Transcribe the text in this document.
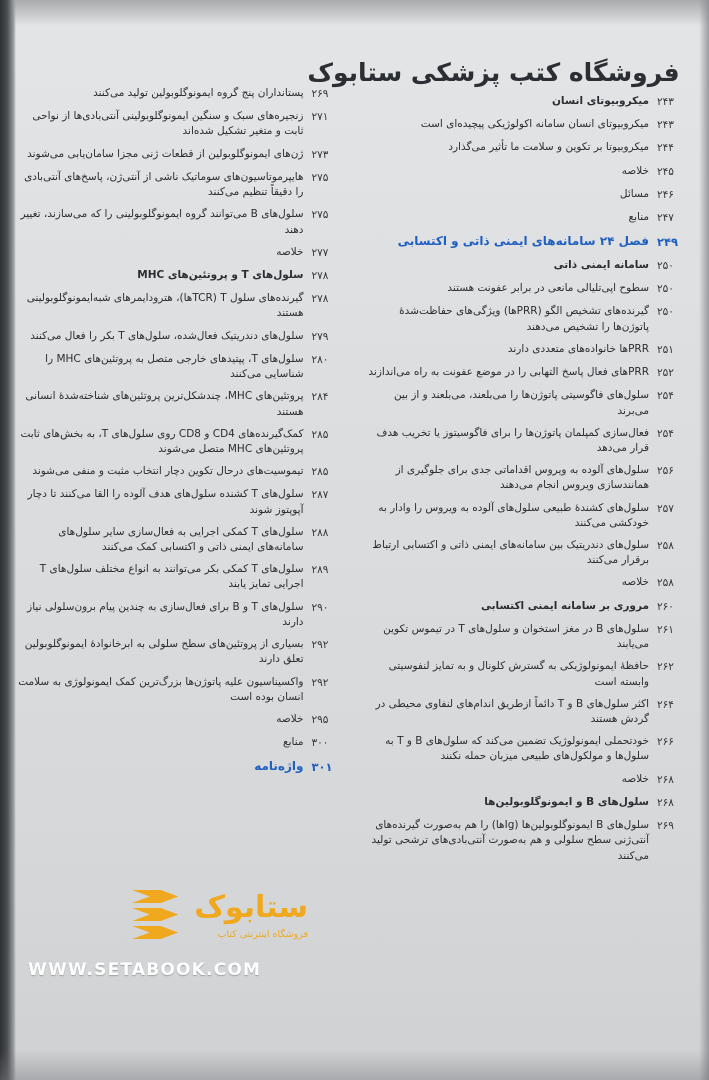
فروشگاه کتب پزشکی ستابوک
۲۴۳
میکروبیوتای انسان
۲۴۳
میکروبیوتای انسان سامانه اکولوژیکی پیچیده‌ای است
۲۴۴
میکروبیوتا بر تکوین و سلامت ما تأثیر می‌گذارد
۲۴۵
خلاصه
۲۴۶
مسائل
۲۴۷
منابع
۲۴۹
فصل ۲۴ سامانه‌های ایمنی ذاتی و اکتسابی
۲۵۰
سامانه ایمنی ذاتی
۲۵۰
سطوح اپی‌تلیالی مانعی در برابر عفونت هستند
۲۵۰
گیرنده‌های تشخیص الگو (PRRها) ویژگی‌های حفاظت‌شدهٔ پاتوژن‌ها را تشخیص می‌دهند
۲۵۱
PRRها خانواده‌های متعددی دارند
۲۵۲
PRRهای فعال پاسخ التهابی را در موضع عفونت به راه می‌اندازند
۲۵۴
سلول‌های فاگوسیتی پاتوژن‌ها را می‌بلعند، می‌بلعند و از بین می‌برند
۲۵۴
فعال‌سازی کمپلمان پاتوژن‌ها را برای فاگوسیتوز یا تخریب هدف قرار می‌دهد
۲۵۶
سلول‌های آلوده به ویروس اقداماتی جدی برای جلوگیری از همانندسازی ویروس انجام می‌دهند
۲۵۷
سلول‌های کشندهٔ طبیعی سلول‌های آلوده به ویروس را وادار به خودکشی می‌کنند
۲۵۸
سلول‌های دندریتیک بین سامانه‌های ایمنی ذاتی و اکتسابی ارتباط برقرار می‌کنند
۲۵۸
خلاصه
۲۶۰
مروری بر سامانه ایمنی اکتسابی
۲۶۱
سلول‌های B در مغز استخوان و سلول‌های T در تیموس تکوین می‌یابند
۲۶۲
حافظهٔ ایمونولوژیکی به گسترش کلونال و به تمایز لنفوسیتی وابسته است
۲۶۴
اکثر سلول‌های B و T دائماً از‌طریق اندام‌های لنفاوی محیطی در گردش هستند
۲۶۶
خودتحملی ایمونولوژیک تضمین می‌کند که سلول‌های B و T به سلول‌ها و مولکول‌های طبیعی میزبان حمله نکنند
۲۶۸
خلاصه
۲۶۸
سلول‌های B و ایمونوگلوبولین‌ها
۲۶۹
سلول‌های B ایمونوگلوبولین‌ها (Ig‌ها) را هم به‌صورت گیرنده‌های آنتی‌ژنی سطح سلولی و هم به‌صورت آنتی‌بادی‌های ترشحی تولید می‌کنند
۲۶۹
پستانداران پنج گروه ایمونوگلوبولین تولید می‌کنند
۲۷۱
زنجیره‌های سبک و سنگین ایمونوگلوبولینی آنتی‌بادی‌ها از نواحی ثابت و متغیر تشکیل شده‌اند
۲۷۳
ژن‌های ایمونوگلوبولین از قطعات ژنی مجزا سامان‌یابی می‌شوند
۲۷۵
هایپرموتاسیون‌های سوماتیک ناشی از آنتی‌ژن، پاسخ‌های آنتی‌بادی را دقیقاً تنظیم می‌کنند
۲۷۵
سلول‌های B می‌توانند گروه ایمونوگلوبولینی را که می‌سازند، تغییر دهند
۲۷۷
خلاصه
۲۷۸
سلول‌های T و پروتئین‌های MHC
۲۷۸
گیرنده‌های سلول T (TCRها)، هترودایمرهای شبه‌ایمونوگلوبولینی هستند
۲۷۹
سلول‌های دندریتیک فعال‌شده، سلول‌های T بکر را فعال می‌کنند
۲۸۰
سلول‌های T، پپتیدهای خارجی متصل به پروتئین‌های MHC را شناسایی می‌کنند
۲۸۴
پروتئین‌های MHC، چندشکل‌ترین پروتئین‌های شناخته‌شدهٔ انسانی هستند
۲۸۵
کمک‌گیرنده‌های CD4 و CD8 روی سلول‌های T، به بخش‌های ثابت پروتئین‌های MHC متصل می‌شوند
۲۸۵
تیموسیت‌های درحال تکوین دچار انتخاب مثبت و منفی می‌شوند
۲۸۷
سلول‌های T کشنده سلول‌های هدف آلوده را القا می‌کنند تا دچار آپوپتوز شوند
۲۸۸
سلول‌های T کمکی اجرایی به فعال‌سازی سایر سلول‌های سامانه‌های ایمنی ذاتی و اکتسابی کمک می‌کنند
۲۸۹
سلول‌های T کمکی بکر می‌توانند به انواع مختلف سلول‌های T اجرایی تمایز یابند
۲۹۰
سلول‌های T و B برای فعال‌سازی به چندین پیام برون‌سلولی نیاز دارند
۲۹۲
بسیاری از پروتئین‌های سطح سلولی به ابرخانوادهٔ ایمونوگلوبولین تعلق دارند
۲۹۲
واکسیناسیون علیه پاتوژن‌ها بزرگ‌ترین کمک ایمونولوژی به سلامت انسان بوده است
۲۹۵
خلاصه
۳۰۰
منابع
۳۰۱
واژه‌نامه
ستابوک
فروشگاه اینترنتی کتاب
WWW.SETABOOK.COM
